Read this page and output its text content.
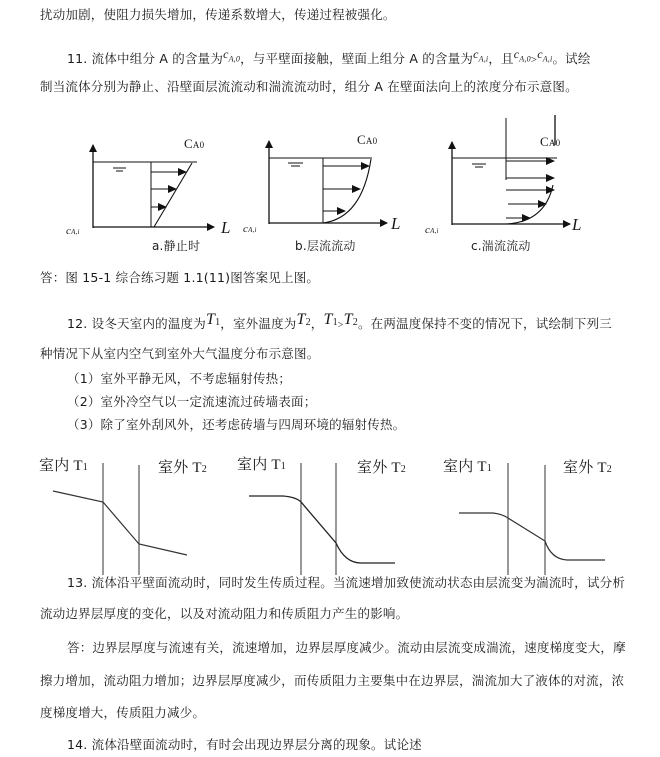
扰动加剧，使阻力损失增加，传递系数增大，传递过程被强化。
11. 流体中组分 A 的含量为$^{c_{A,0}}$，与平壁面接触，壁面上组分 A 的含量为$^{c_{A,i}}$，且$^{c_{A,0}}$>$^{c_{A,i}}$。试绘
制当流体分别为静止、沿壁面层流流动和湍流流动时，组分 A 在壁面法向上的浓度分布示意图。
CA0
L
cA,i
a.静止时
CA0
L
cA,i
b.层流流动
CA0
L
cA,i
c.湍流流动
答：图 15-1 综合练习题 1.1(11)图答案见上图。
12. 设冬天室内的温度为$T^1$，室外温度为$T^2$，$T^1>T^2$。在两温度保持不变的情况下，试绘制下列三
种情况下从室内空气到室外大气温度分布示意图。
（1）室外平静无风，不考虑辐射传热；
（2）室外冷空气以一定流速流过砖墙表面；
（3）除了室外刮风外，还考虑砖墙与四周环境的辐射传热。
室内 T1	室外 T2 室内 T1	室外 T2 室内 T1	室外 T2
13. 流体沿平壁面流动时，同时发生传质过程。当流速增加致使流动状态由层流变为湍流时，试分析
流动边界层厚度的变化，以及对流动阻力和传质阻力产生的影响。
答：边界层厚度与流速有关，流速增加，边界层厚度减少。流动由层流变成湍流，速度梯度变大，摩
擦力增加，流动阻力增加；边界层厚度减少，而传质阻力主要集中在边界层，湍流加大了液体的对流，浓
度梯度增大，传质阻力减少。
14. 流体沿壁面流动时，有时会出现边界层分离的现象。试论述
